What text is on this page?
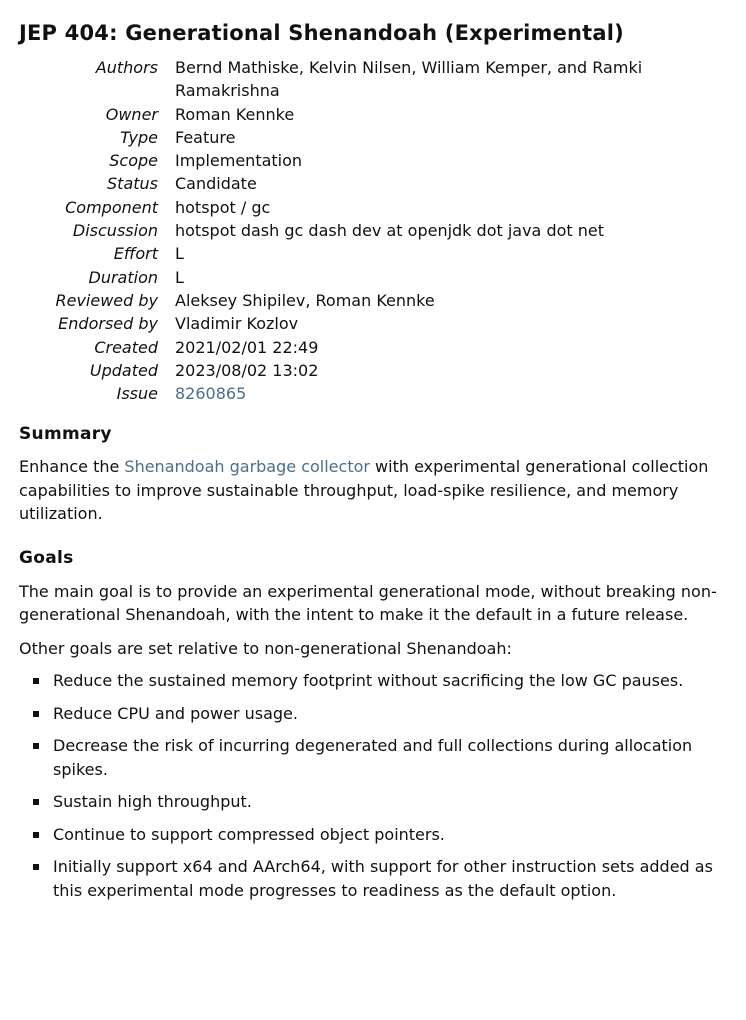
JEP 404: Generational Shenandoah (Experimental)
Authors	Bernd Mathiske, Kelvin Nilsen, William Kemper, and Ramki Ramakrishna
Owner	Roman Kennke
Type	Feature
Scope	Implementation
Status	Candidate
Component	hotspot / gc
Discussion	hotspot dash gc dash dev at openjdk dot java dot net
Effort	L
Duration	L
Reviewed by	Aleksey Shipilev, Roman Kennke
Endorsed by	Vladimir Kozlov
Created	2021/02/01 22:49
Updated	2023/08/02 13:02
Issue	8260865
Summary

Enhance the Shenandoah garbage collector with experimental generational collection capabilities to improve sustainable throughput, load-spike resilience, and memory utilization.

Goals

The main goal is to provide an experimental generational mode, without breaking non-generational Shenandoah, with the intent to make it the default in a future release.

Other goals are set relative to non-generational Shenandoah:

Reduce the sustained memory footprint without sacrificing the low GC pauses.
Reduce CPU and power usage.
Decrease the risk of incurring degenerated and full collections during allocation spikes.
Sustain high throughput.
Continue to support compressed object pointers.
Initially support x64 and AArch64, with support for other instruction sets added as this experimental mode progresses to readiness as the default option.
